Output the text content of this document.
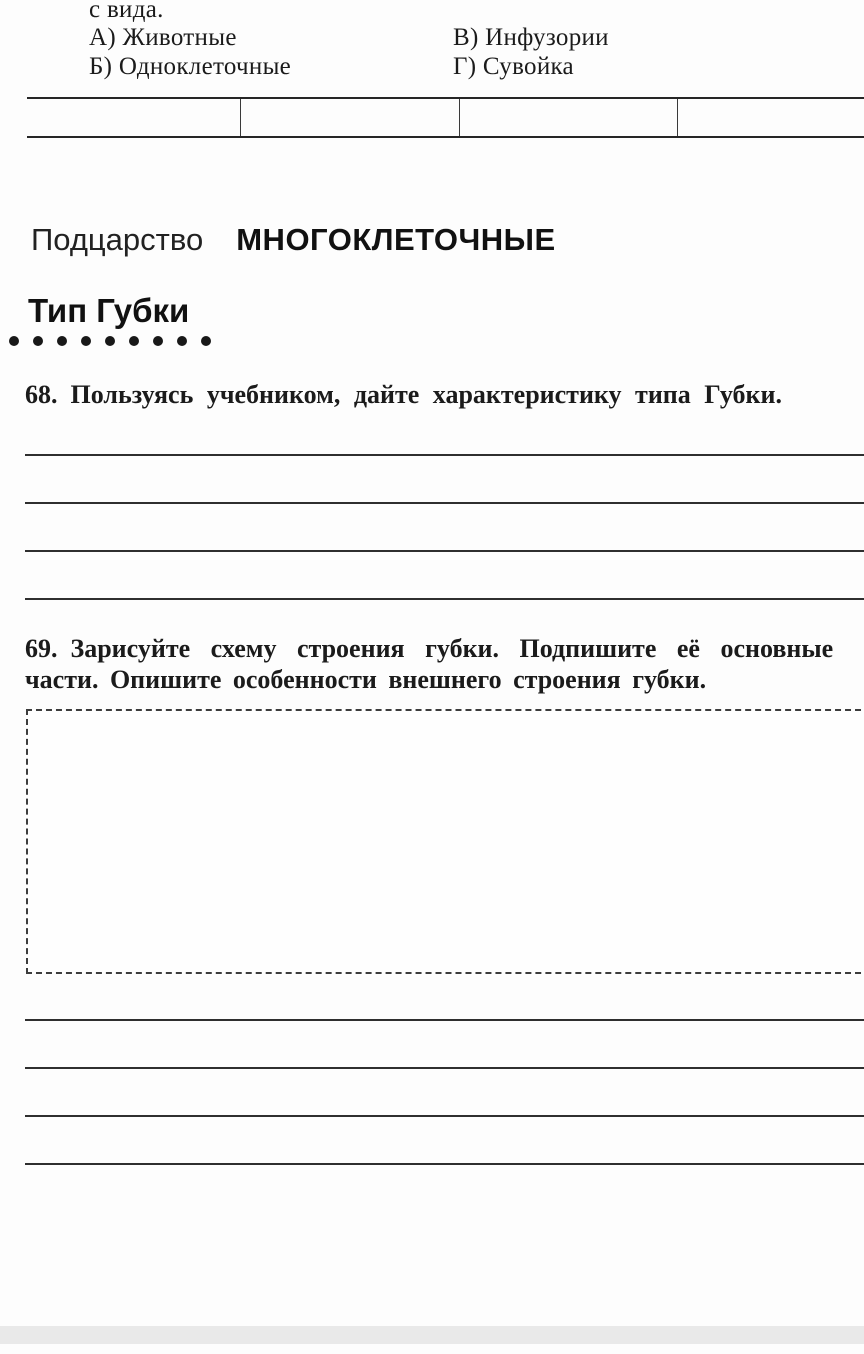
с вида.
А) Животные
Б) Одноклеточные
В) Инфузории
Г) Сувойка
Подцарство МНОГОКЛЕТОЧНЫЕ
Тип Губки
68. Пользуясь учебником, дайте характеристику типа Губки.
69. Зарисуйте схему строения губки. Подпишите её основные
части. Опишите особенности внешнего строения губки.
